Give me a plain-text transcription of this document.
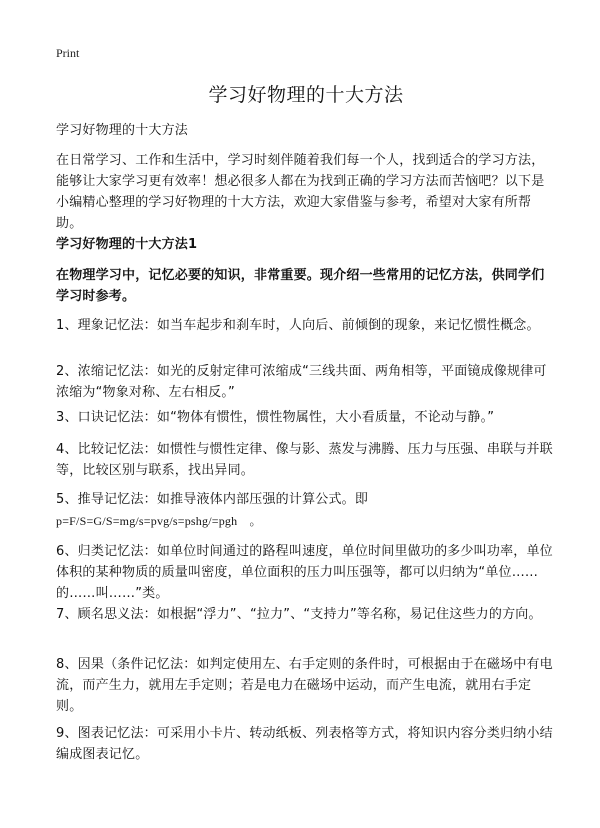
Print
学习好物理的十大方法
学习好物理的十大方法
在日常学习、工作和生活中，学习时刻伴随着我们每一个人，找到适合的学习方法，能够让大家学习更有效率！想必很多人都在为找到正确的学习方法而苦恼吧？以下是小编精心整理的学习好物理的十大方法，欢迎大家借鉴与参考，希望对大家有所帮助。
学习好物理的十大方法1
在物理学习中，记忆必要的知识，非常重要。现介绍一些常用的记忆方法，供同学们学习时参考。
1、理象记忆法：如当车起步和刹车时，人向后、前倾倒的现象，来记忆惯性概念。
2、浓缩记忆法：如光的反射定律可浓缩成“三线共面、两角相等，平面镜成像规律可浓缩为“物象对称、左右相反。”
3、口诀记忆法：如“物体有惯性，惯性物属性，大小看质量，不论动与静。”
4、比较记忆法：如惯性与惯性定律、像与影、蒸发与沸腾、压力与压强、串联与并联等，比较区别与联系，找出异同。
5、推导记忆法：如推导液体内部压强的计算公式。即
p=F/S=G/S=mg/s=pvg/s=pshg/=pgh　。
6、归类记忆法：如单位时间通过的路程叫速度，单位时间里做功的多少叫功率，单位体积的某种物质的质量叫密度，单位面积的压力叫压强等，都可以归纳为“单位……的……叫……”类。
7、顾名思义法：如根据“浮力”、“拉力”、“支持力”等名称，易记住这些力的方向。
8、因果（条件记忆法：如判定使用左、右手定则的条件时，可根据由于在磁场中有电流，而产生力，就用左手定则；若是电力在磁场中运动，而产生电流，就用右手定则。
9、图表记忆法：可采用小卡片、转动纸板、列表格等方式，将知识内容分类归纳小结编成图表记忆。
